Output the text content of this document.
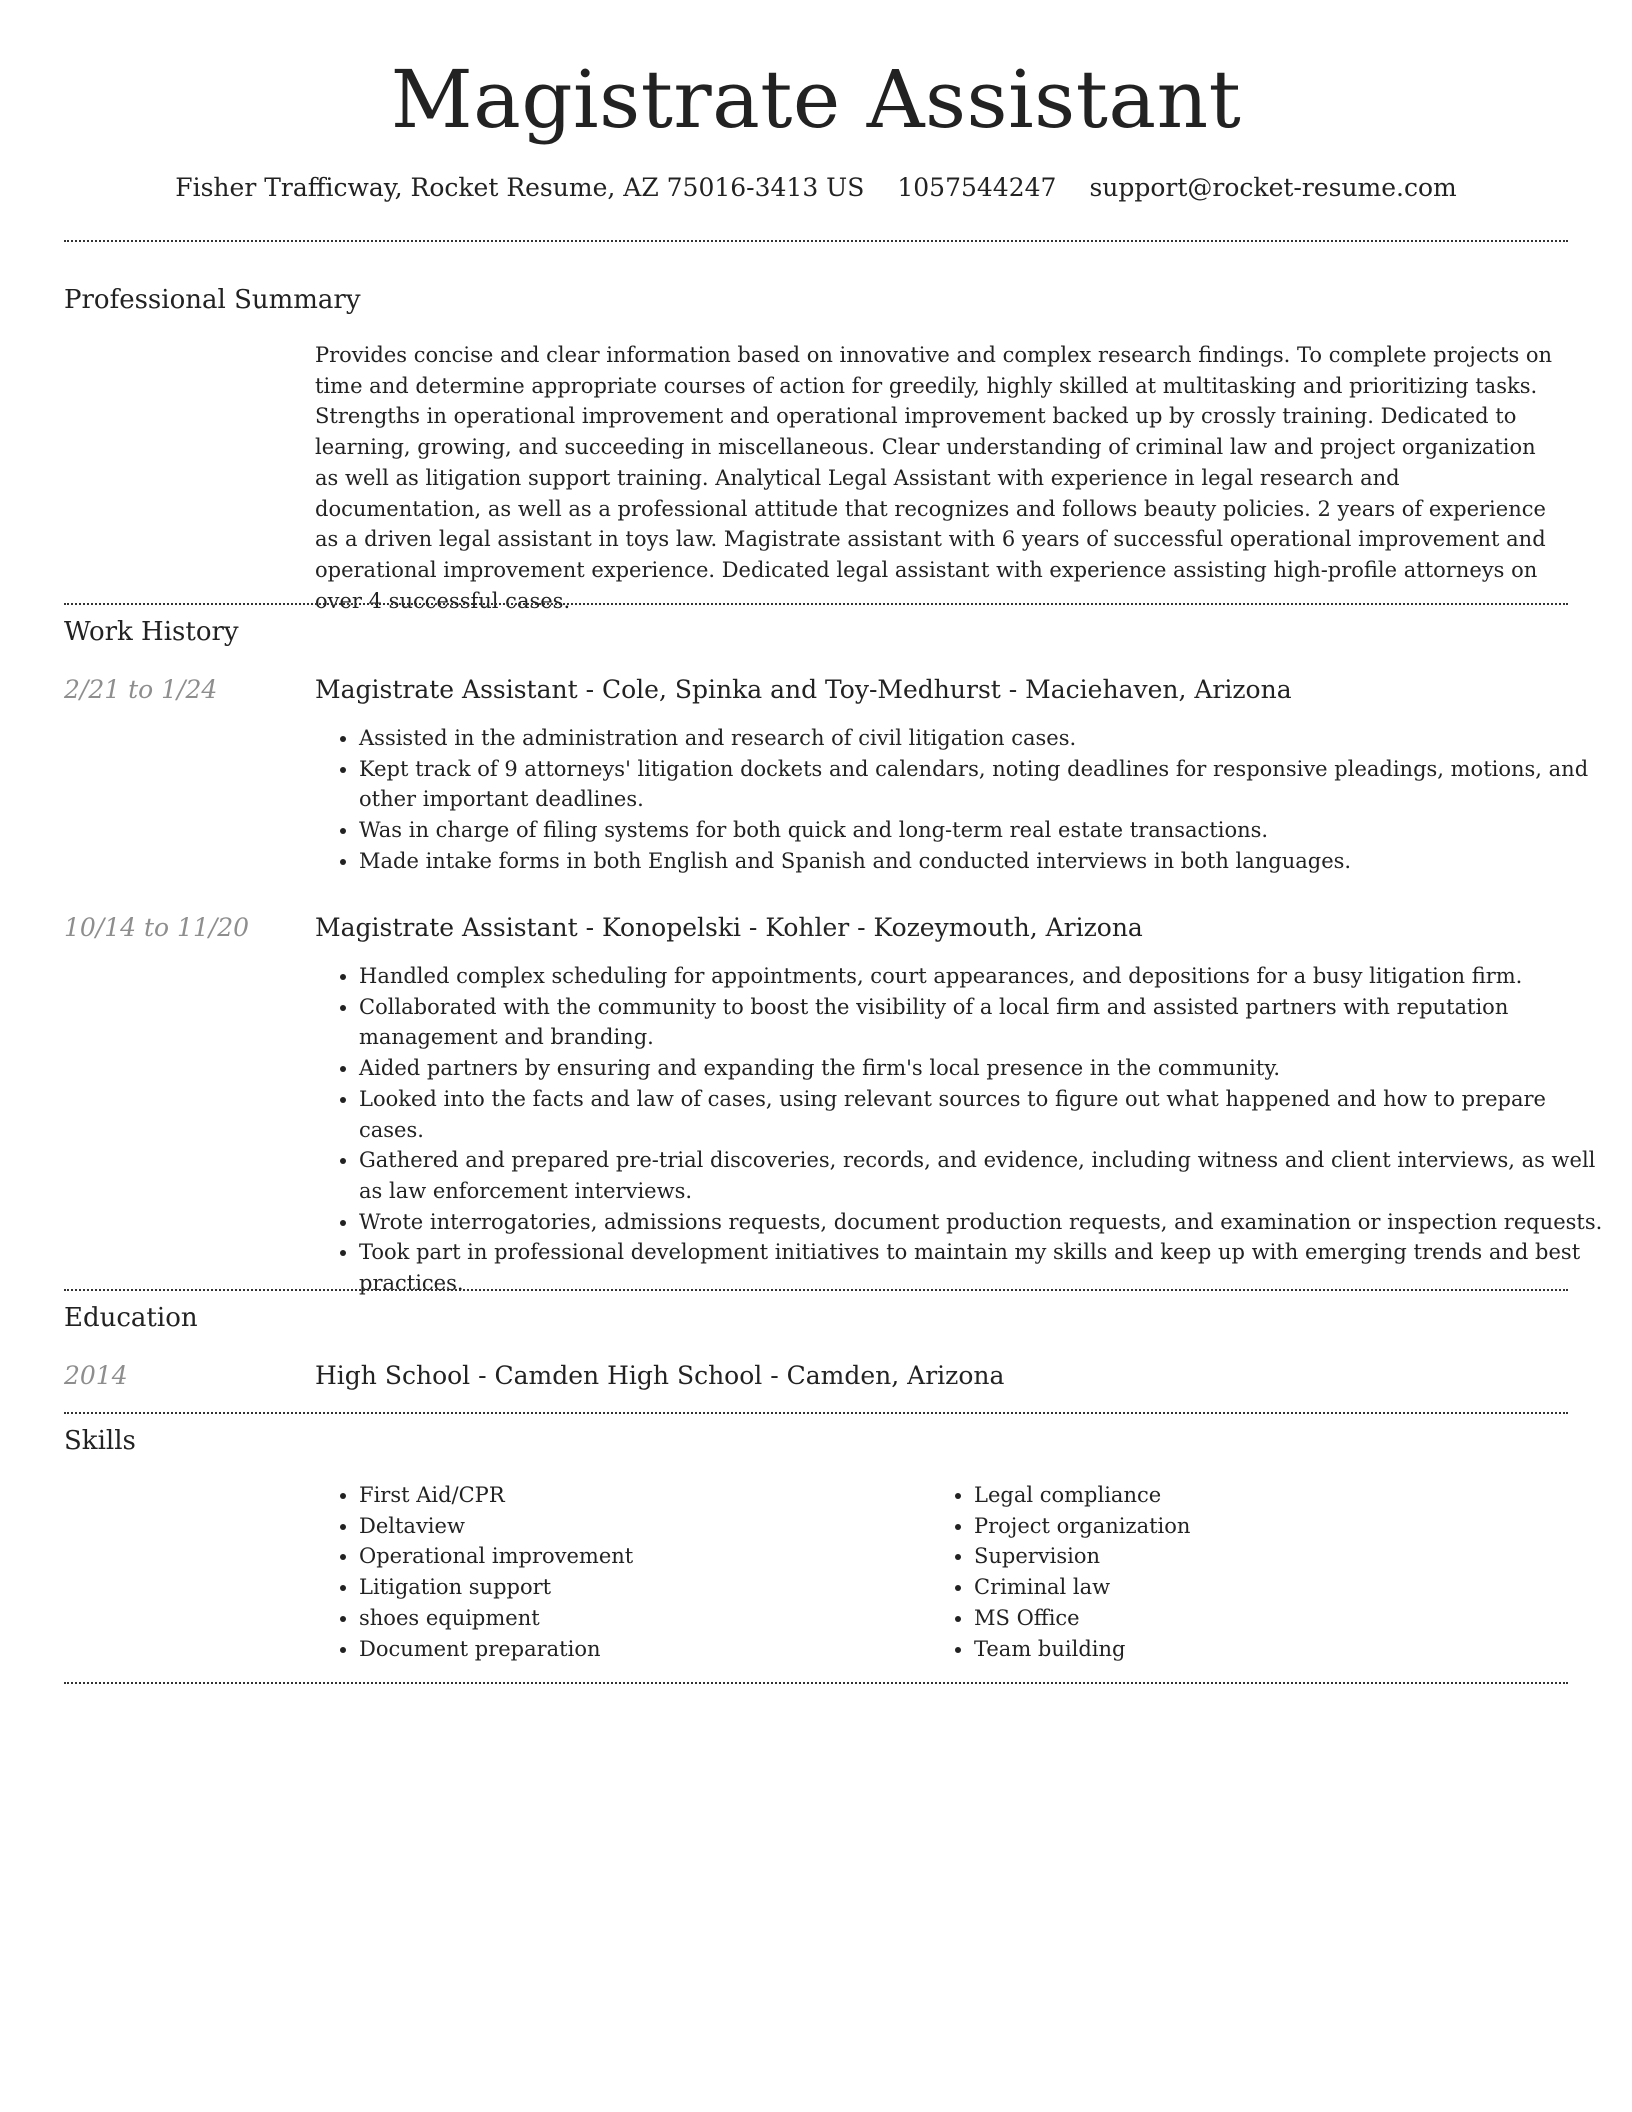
Magistrate Assistant
Fisher Trafficway, Rocket Resume, AZ 75016-3413 US 1057544247 support@rocket-resume.com
Professional Summary

Provides concise and clear information based on innovative and complex research findings. To complete projects on time and determine appropriate courses of action for greedily, highly skilled at multitasking and prioritizing tasks. Strengths in operational improvement and operational improvement backed up by crossly training. Dedicated to learning, growing, and succeeding in miscellaneous. Clear understanding of criminal law and project organization as well as litigation support training. Analytical Legal Assistant with experience in legal research and documentation, as well as a professional attitude that recognizes and follows beauty policies. 2 years of experience as a driven legal assistant in toys law. Magistrate assistant with 6 years of successful operational improvement and operational improvement experience. Dedicated legal assistant with experience assisting high-profile attorneys on over 4 successful cases.

Work History
2/21 to 1/24	Magistrate Assistant - Cole, Spinka and Toy-Medhurst - Maciehaven, Arizona
• Assisted in the administration and research of civil litigation cases.
• Kept track of 9 attorneys' litigation dockets and calendars, noting deadlines for responsive pleadings, motions, and other important deadlines.
• Was in charge of filing systems for both quick and long-term real estate transactions.
• Made intake forms in both English and Spanish and conducted interviews in both languages.
10/14 to 11/20	Magistrate Assistant - Konopelski - Kohler - Kozeymouth, Arizona
• Handled complex scheduling for appointments, court appearances, and depositions for a busy litigation firm.
• Collaborated with the community to boost the visibility of a local firm and assisted partners with reputation management and branding.
• Aided partners by ensuring and expanding the firm's local presence in the community.
• Looked into the facts and law of cases, using relevant sources to figure out what happened and how to prepare cases.
• Gathered and prepared pre-trial discoveries, records, and evidence, including witness and client interviews, as well as law enforcement interviews.
• Wrote interrogatories, admissions requests, document production requests, and examination or inspection requests.
• Took part in professional development initiatives to maintain my skills and keep up with emerging trends and best practices.
Education
2014	High School - Camden High School - Camden, Arizona
Skills
• First Aid/CPR
• Deltaview
• Operational improvement
• Litigation support
• shoes equipment
• Document preparation
• Legal compliance
• Project organization
• Supervision
• Criminal law
• MS Office
• Team building
